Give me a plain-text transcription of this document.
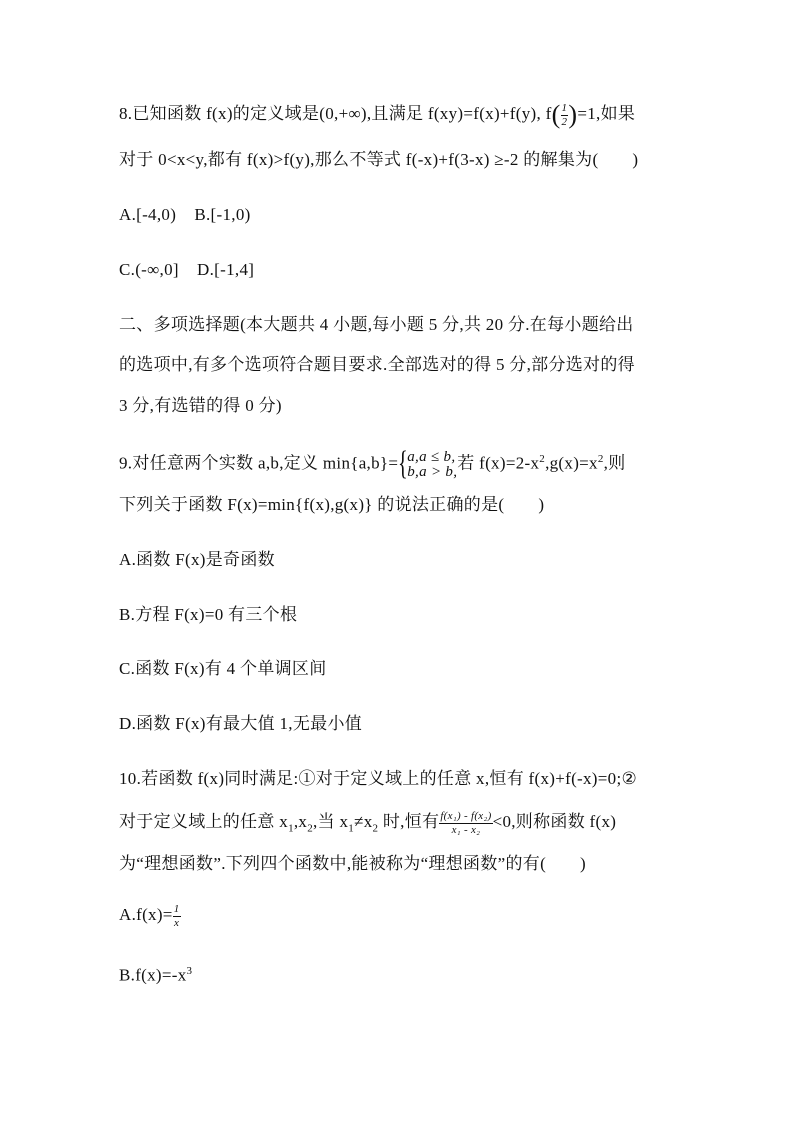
8.已知函数 f(x)的定义域是(0,+∞),且满足 f(xy)=f(x)+f(y), $f( \frac{1}{2} )=1$,如果
对于 0<x<y,都有 f(x)>f(y),那么不等式 f(-x)+f(3-x) ≥-2 的解集为( )
A.[-4,0)    B.[-1,0)
C.(-∞,0]    D.[-1,4]
二、多项选择题(本大题共 4 小题,每小题 5 分,共 20 分.在每小题给出
的选项中,有多个选项符合题目要求.全部选对的得 5 分,部分选对的得
3 分,有选错的得 0 分)
9.对任意两个实数 a,b,定义 min{a,b}= { a,a ≤ b,
b,a > b, 若 $f(x)=2-x^2,g(x)=x^2$,则
下列关于函数 F(x)=min{f(x),g(x)} 的说法正确的是( )
A.函数 F(x)是奇函数
B.方程 F(x)=0 有三个根
C.函数 F(x)有 4 个单调区间
D.函数 F(x)有最大值 1,无最小值
10.若函数 f(x)同时满足:①对于定义域上的任意 x,恒有 f(x)+f(-x)=0;②
对于定义域上的任意 $x_1,x_2$,当 $x_1\ne x_2$ 时,恒有 $\frac{\text{f(x₁) - f(x₂)}}{\text{x₁ - x₂}} <0$,则称函数 f(x)
为“理想函数”.下列四个函数中,能被称为“理想函数”的有( )
$A.f(x)= \frac{1}{x}$
$B.f(x)=-x^3$
